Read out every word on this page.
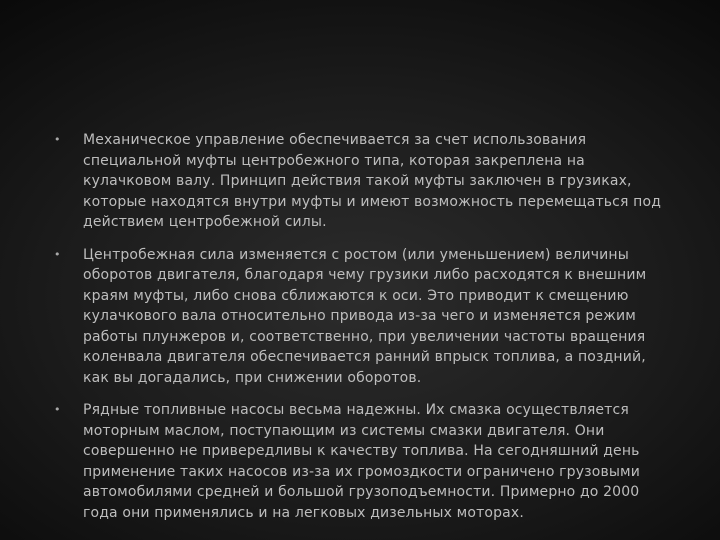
• Механическое управление обеспечивается за счет использования специальной муфты центробежного типа, которая закреплена на кулачковом валу. Принцип действия такой муфты заключен в грузиках, которые находятся внутри муфты и имеют возможность перемещаться под действием центробежной силы.
• Центробежная сила изменяется с ростом (или уменьшением) величины оборотов двигателя, благодаря чему грузики либо расходятся к внешним краям муфты, либо снова сближаются к оси. Это приводит к смещению кулачкового вала относительно привода из-за чего и изменяется режим работы плунжеров и, соответственно, при увеличении частоты вращения коленвала двигателя обеспечивается ранний впрыск топлива, а поздний, как вы догадались, при снижении оборотов.
• Рядные топливные насосы весьма надежны. Их смазка осуществляется моторным маслом, поступающим из системы смазки двигателя. Они совершенно не привередливы к качеству топлива. На сегодняшний день применение таких насосов из-за их громоздкости ограничено грузовыми автомобилями средней и большой грузоподъемности. Примерно до 2000 года они применялись и на легковых дизельных моторах.
